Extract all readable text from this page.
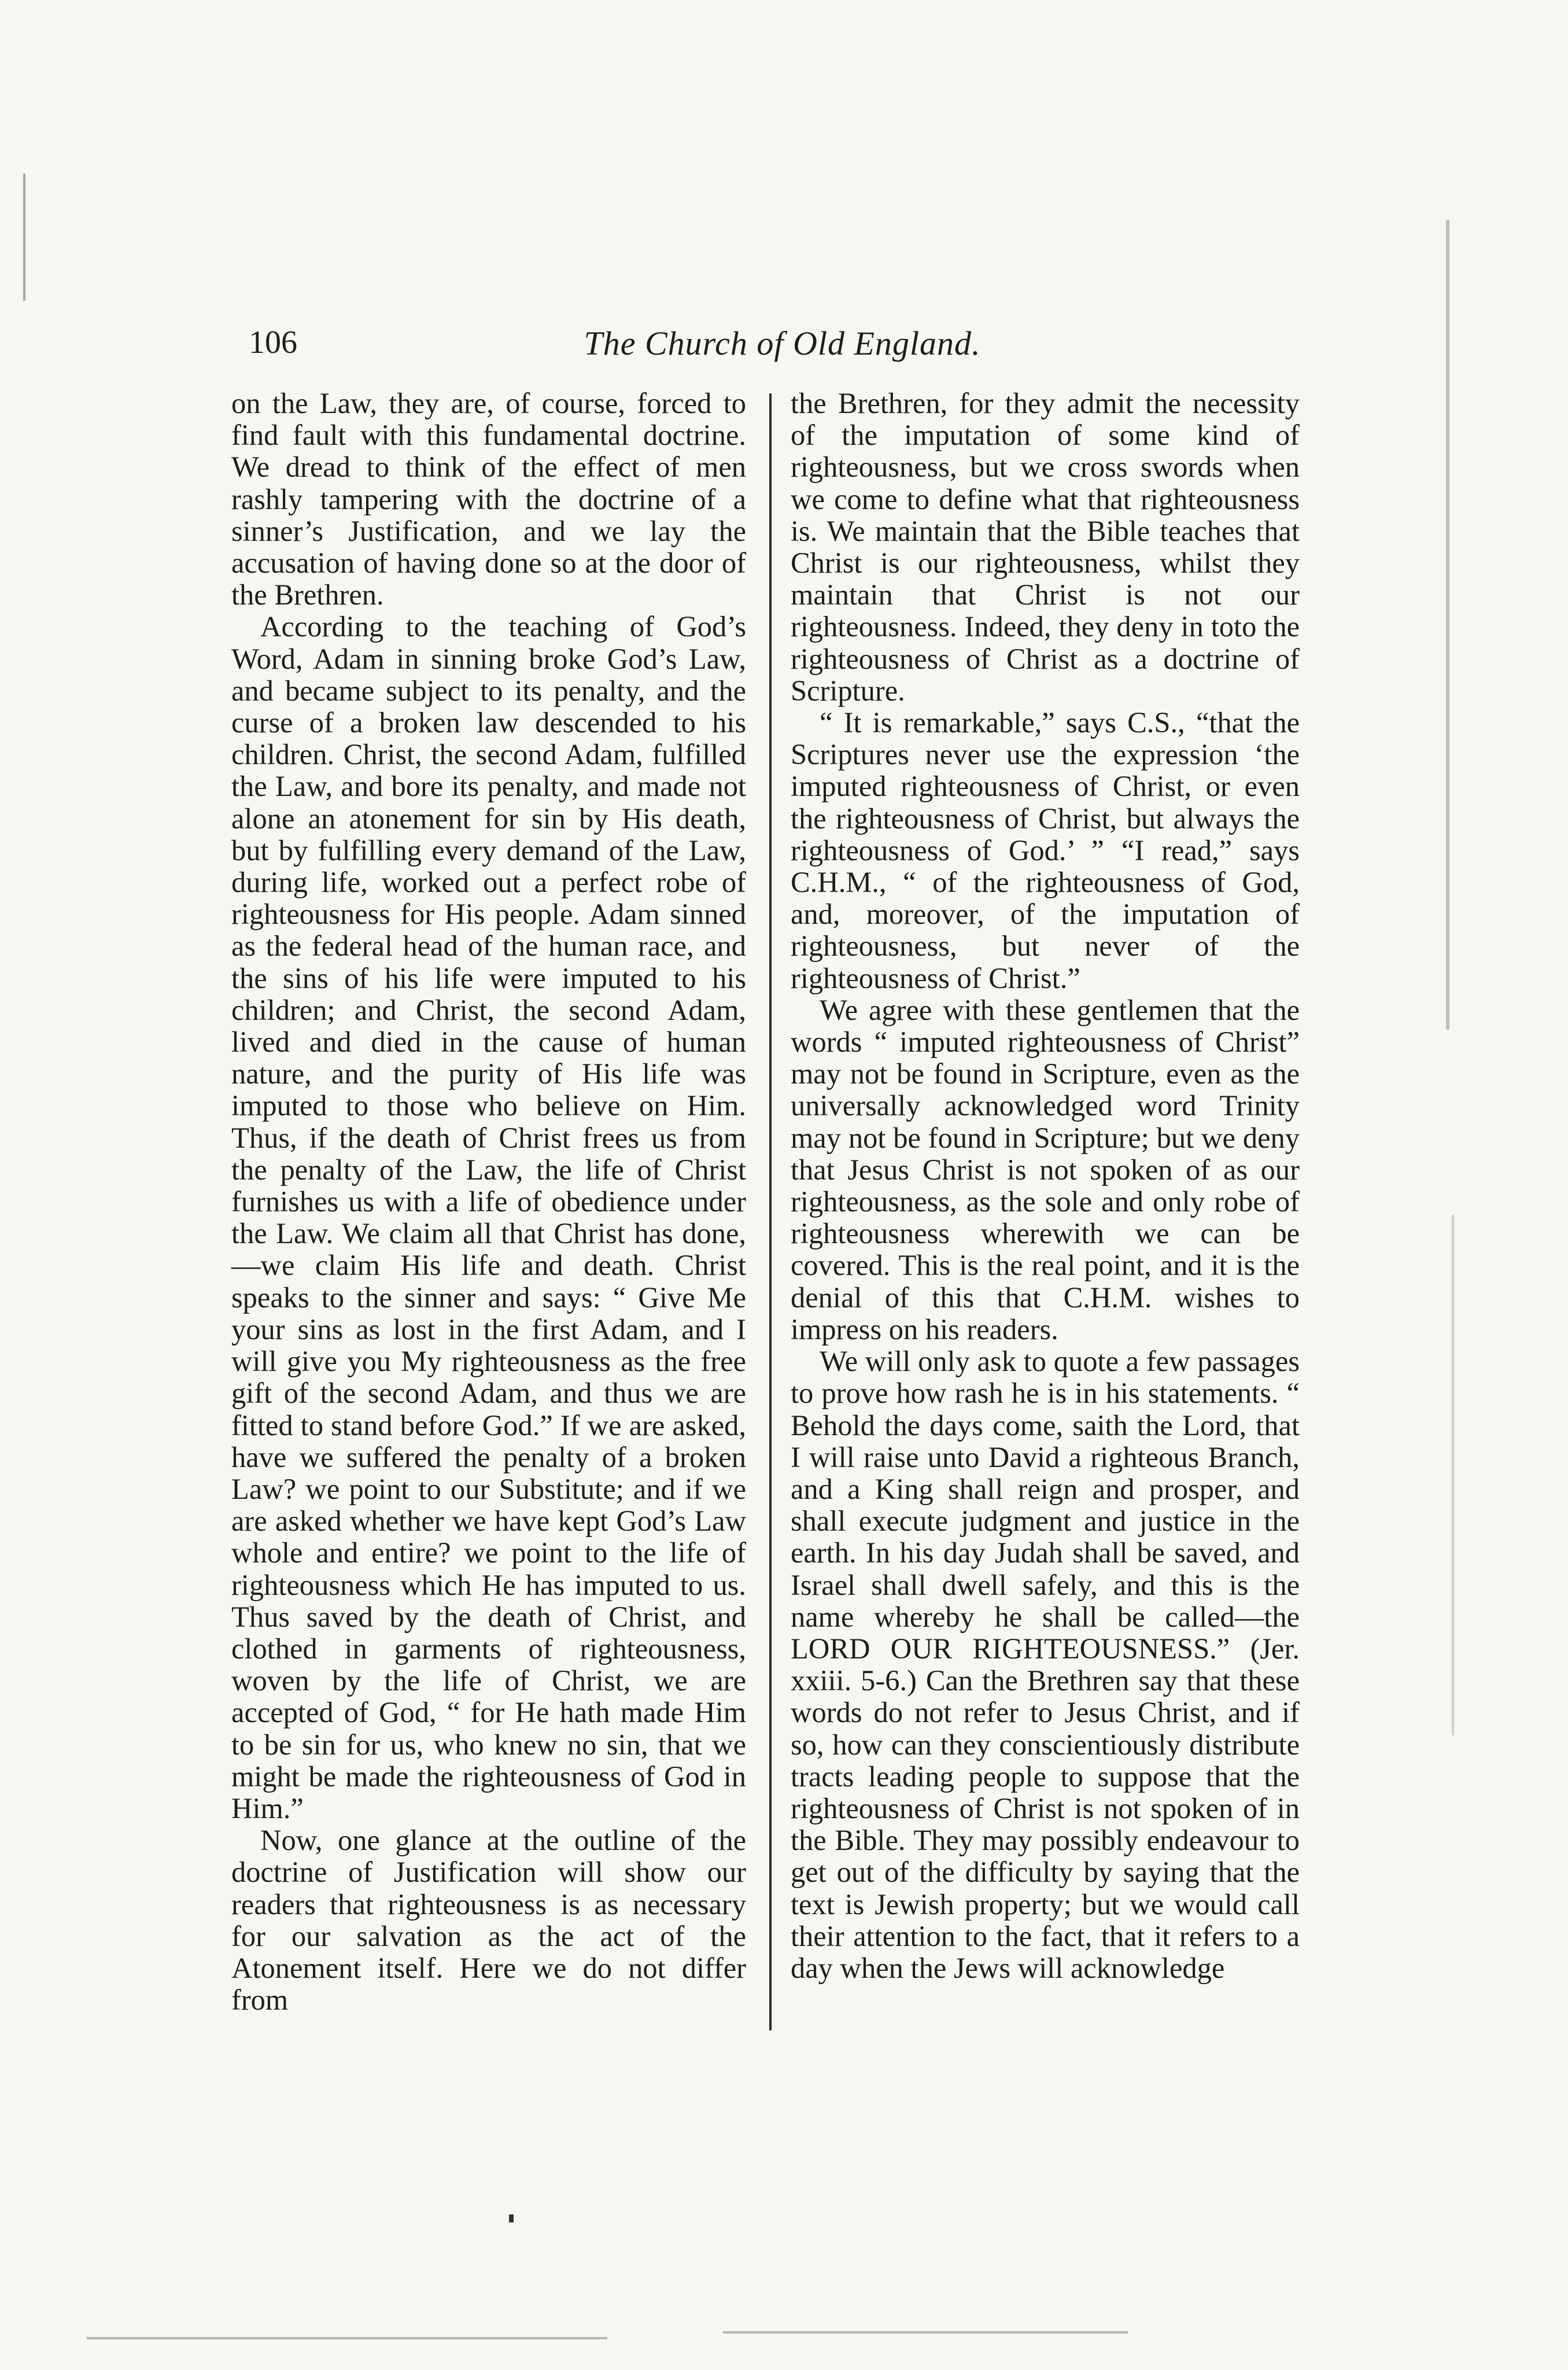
106	The Church of Old England.

on the Law, they are, of course, forced to find fault with this fundamental doctrine. We dread to think of the effect of men rashly tampering with the doctrine of a sinner’s Justification, and we lay the accusation of having done so at the door of the Brethren.

According to the teaching of God’s Word, Adam in sinning broke God’s Law, and became subject to its penalty, and the curse of a broken law descended to his children. Christ, the second Adam, fulfilled the Law, and bore its penalty, and made not alone an atonement for sin by His death, but by fulfilling every demand of the Law, during life, worked out a perfect robe of righteousness for His people. Adam sinned as the federal head of the human race, and the sins of his life were imputed to his children; and Christ, the second Adam, lived and died in the cause of human nature, and the purity of His life was imputed to those who believe on Him. Thus, if the death of Christ frees us from the penalty of the Law, the life of Christ furnishes us with a life of obedience under the Law. We claim all that Christ has done,—we claim His life and death. Christ speaks to the sinner and says: “ Give Me your sins as lost in the first Adam, and I will give you My righteousness as the free gift of the second Adam, and thus we are fitted to stand before God.” If we are asked, have we suffered the penalty of a broken Law? we point to our Substitute; and if we are asked whether we have kept God’s Law whole and entire? we point to the life of righteousness which He has imputed to us. Thus saved by the death of Christ, and clothed in garments of righteousness, woven by the life of Christ, we are accepted of God, “ for He hath made Him to be sin for us, who knew no sin, that we might be made the righteousness of God in Him.”

Now, one glance at the outline of the doctrine of Justification will show our readers that righteousness is as necessary for our salvation as the act of the Atonement itself. Here we do not differ from

the Brethren, for they admit the necessity of the imputation of some kind of righteousness, but we cross swords when we come to define what that righteousness is. We maintain that the Bible teaches that Christ is our righteousness, whilst they maintain that Christ is not our righteousness. Indeed, they deny in toto the righteousness of Christ as a doctrine of Scripture.

“ It is remarkable,” says C.S., “that the Scriptures never use the expression ‘the imputed righteousness of Christ, or even the righteousness of Christ, but always the righteousness of God.’ ” “I read,” says C.H.M., “ of the righteousness of God, and, moreover, of the imputation of righteousness, but never of the righteousness of Christ.”

We agree with these gentlemen that the words “ imputed righteousness of Christ” may not be found in Scripture, even as the universally acknowledged word Trinity may not be found in Scripture; but we deny that Jesus Christ is not spoken of as our righteousness, as the sole and only robe of righteousness wherewith we can be covered. This is the real point, and it is the denial of this that C.H.M. wishes to impress on his readers.

We will only ask to quote a few passages to prove how rash he is in his statements. “ Behold the days come, saith the Lord, that I will raise unto David a righteous Branch, and a King shall reign and prosper, and shall execute judgment and justice in the earth. In his day Judah shall be saved, and Israel shall dwell safely, and this is the name whereby he shall be called—the LORD OUR RIGHTEOUSNESS.” (Jer. xxiii. 5-6.) Can the Brethren say that these words do not refer to Jesus Christ, and if so, how can they conscientiously distribute tracts leading people to suppose that the righteousness of Christ is not spoken of in the Bible. They may possibly endeavour to get out of the difficulty by saying that the text is Jewish property; but we would call their attention to the fact, that it refers to a day when the Jews will acknowledge
